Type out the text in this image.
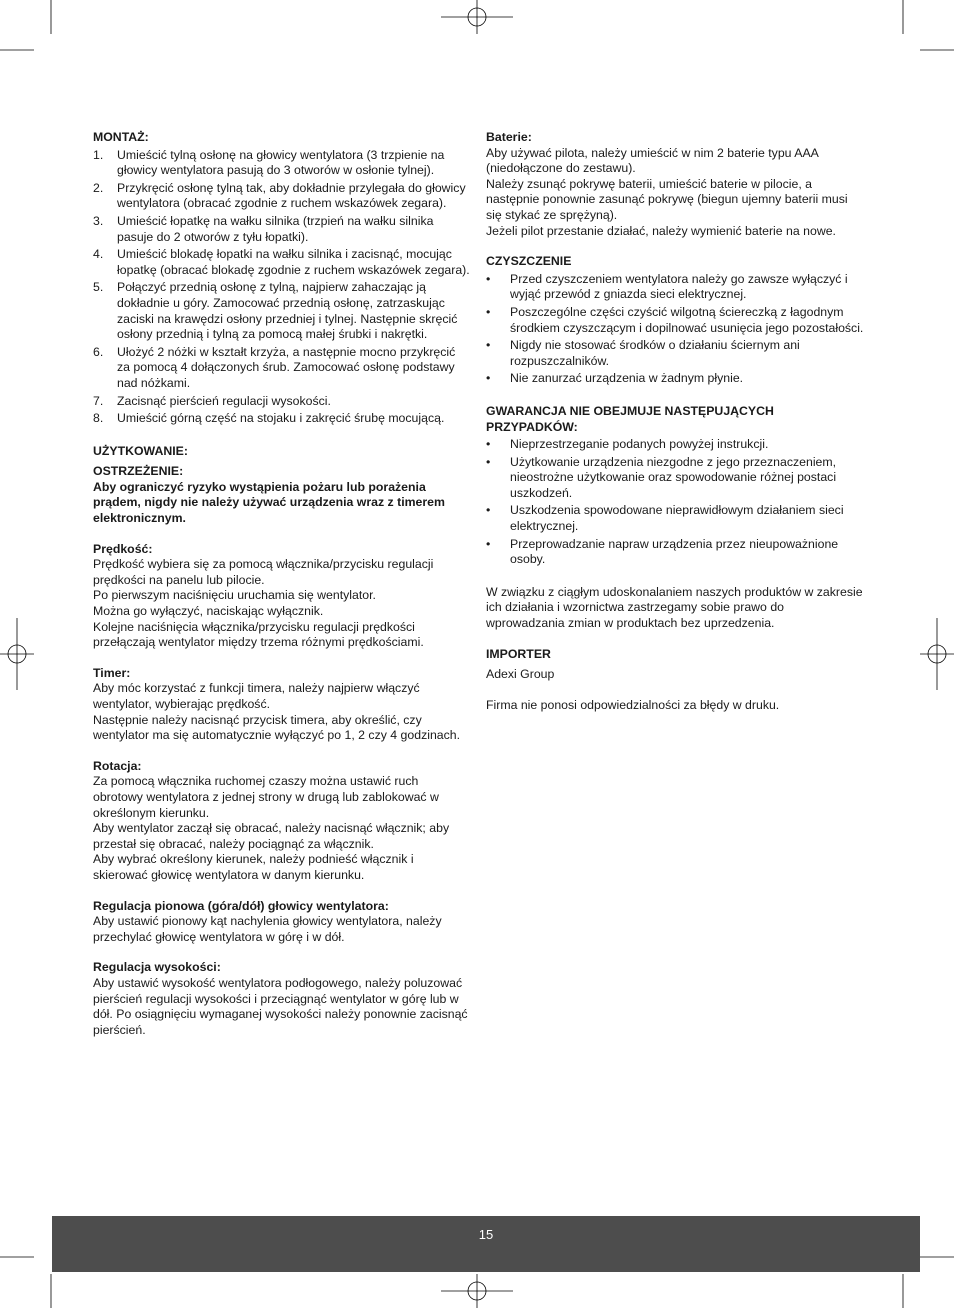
MONTAŻ:

1. Umieścić tylną osłonę na głowicy wentylatora (3 trzpienie na głowicy wentylatora pasują do 3 otworów w osłonie tylnej).
2. Przykręcić osłonę tylną tak, aby dokładnie przylegała do głowicy wentylatora (obracać zgodnie z ruchem wskazówek zegara).
3. Umieścić łopatkę na wałku silnika (trzpień na wałku silnika pasuje do 2 otworów z tyłu łopatki).
4. Umieścić blokadę łopatki na wałku silnika i zacisnąć, mocując łopatkę (obracać blokadę zgodnie z ruchem wskazówek zegara).
5. Połączyć przednią osłonę z tylną, najpierw zahaczając ją dokładnie u góry. Zamocować przednią osłonę, zatrzaskując zaciski na krawędzi osłony przedniej i tylnej. Następnie skręcić osłony przednią i tylną za pomocą małej śrubki i nakrętki.
6. Ułożyć 2 nóżki w kształt krzyża, a następnie mocno przykręcić za pomocą 4 dołączonych śrub. Zamocować osłonę podstawy nad nóżkami.
7. Zacisnąć pierścień regulacji wysokości.
8. Umieścić górną część na stojaku i zakręcić śrubę mocującą.

UŻYTKOWANIE:

OSTRZEŻENIE:

Aby ograniczyć ryzyko wystąpienia pożaru lub porażenia prądem, nigdy nie należy używać urządzenia wraz z timerem elektronicznym.

Prędkość:

Prędkość wybiera się za pomocą włącznika/przycisku regulacji prędkości na panelu lub pilocie.

Po pierwszym naciśnięciu uruchamia się wentylator.

Można go wyłączyć, naciskając wyłącznik.

Kolejne naciśnięcia włącznika/przycisku regulacji prędkości przełączają wentylator między trzema różnymi prędkościami.

Timer:

Aby móc korzystać z funkcji timera, należy najpierw włączyć wentylator, wybierając prędkość.

Następnie należy nacisnąć przycisk timera, aby określić, czy wentylator ma się automatycznie wyłączyć po 1, 2 czy 4 godzinach.

Rotacja:

Za pomocą włącznika ruchomej czaszy można ustawić ruch obrotowy wentylatora z jednej strony w drugą lub zablokować w określonym kierunku.

Aby wentylator zaczął się obracać, należy nacisnąć włącznik; aby przestał się obracać, należy pociągnąć za włącznik.

Aby wybrać określony kierunek, należy podnieść włącznik i skierować głowicę wentylatora w danym kierunku.

Regulacja pionowa (góra/dół) głowicy wentylatora:

Aby ustawić pionowy kąt nachylenia głowicy wentylatora, należy przechylać głowicę wentylatora w górę i w dół.

Regulacja wysokości:

Aby ustawić wysokość wentylatora podłogowego, należy poluzować pierścień regulacji wysokości i przeciągnąć wentylator w górę lub w dół. Po osiągnięciu wymaganej wysokości należy ponownie zacisnąć pierścień.

Baterie:

Aby używać pilota, należy umieścić w nim 2 baterie typu AAA (niedołączone do zestawu).

Należy zsunąć pokrywę baterii, umieścić baterie w pilocie, a następnie ponownie zasunąć pokrywę (biegun ujemny baterii musi się stykać ze sprężyną).

Jeżeli pilot przestanie działać, należy wymienić baterie na nowe.

CZYSZCZENIE

• Przed czyszczeniem wentylatora należy go zawsze wyłączyć i wyjąć przewód z gniazda sieci elektrycznej.
• Poszczególne części czyścić wilgotną ściereczką z łagodnym środkiem czyszczącym i dopilnować usunięcia jego pozostałości.
• Nigdy nie stosować środków o działaniu ściernym ani rozpuszczalników.
• Nie zanurzać urządzenia w żadnym płynie.

GWARANCJA NIE OBEJMUJE NASTĘPUJĄCYCH PRZYPADKÓW:

• Nieprzestrzeganie podanych powyżej instrukcji.
• Użytkowanie urządzenia niezgodne z jego przeznaczeniem, nieostrożne użytkowanie oraz spowodowanie różnej postaci uszkodzeń.
• Uszkodzenia spowodowane nieprawidłowym działaniem sieci elektrycznej.
• Przeprowadzanie napraw urządzenia przez nieupoważnione osoby.

W związku z ciągłym udoskonalaniem naszych produktów w zakresie ich działania i wzornictwa zastrzegamy sobie prawo do wprowadzania zmian w produktach bez uprzedzenia.

IMPORTER

Adexi Group

Firma nie ponosi odpowiedzialności za błędy w druku.

15
